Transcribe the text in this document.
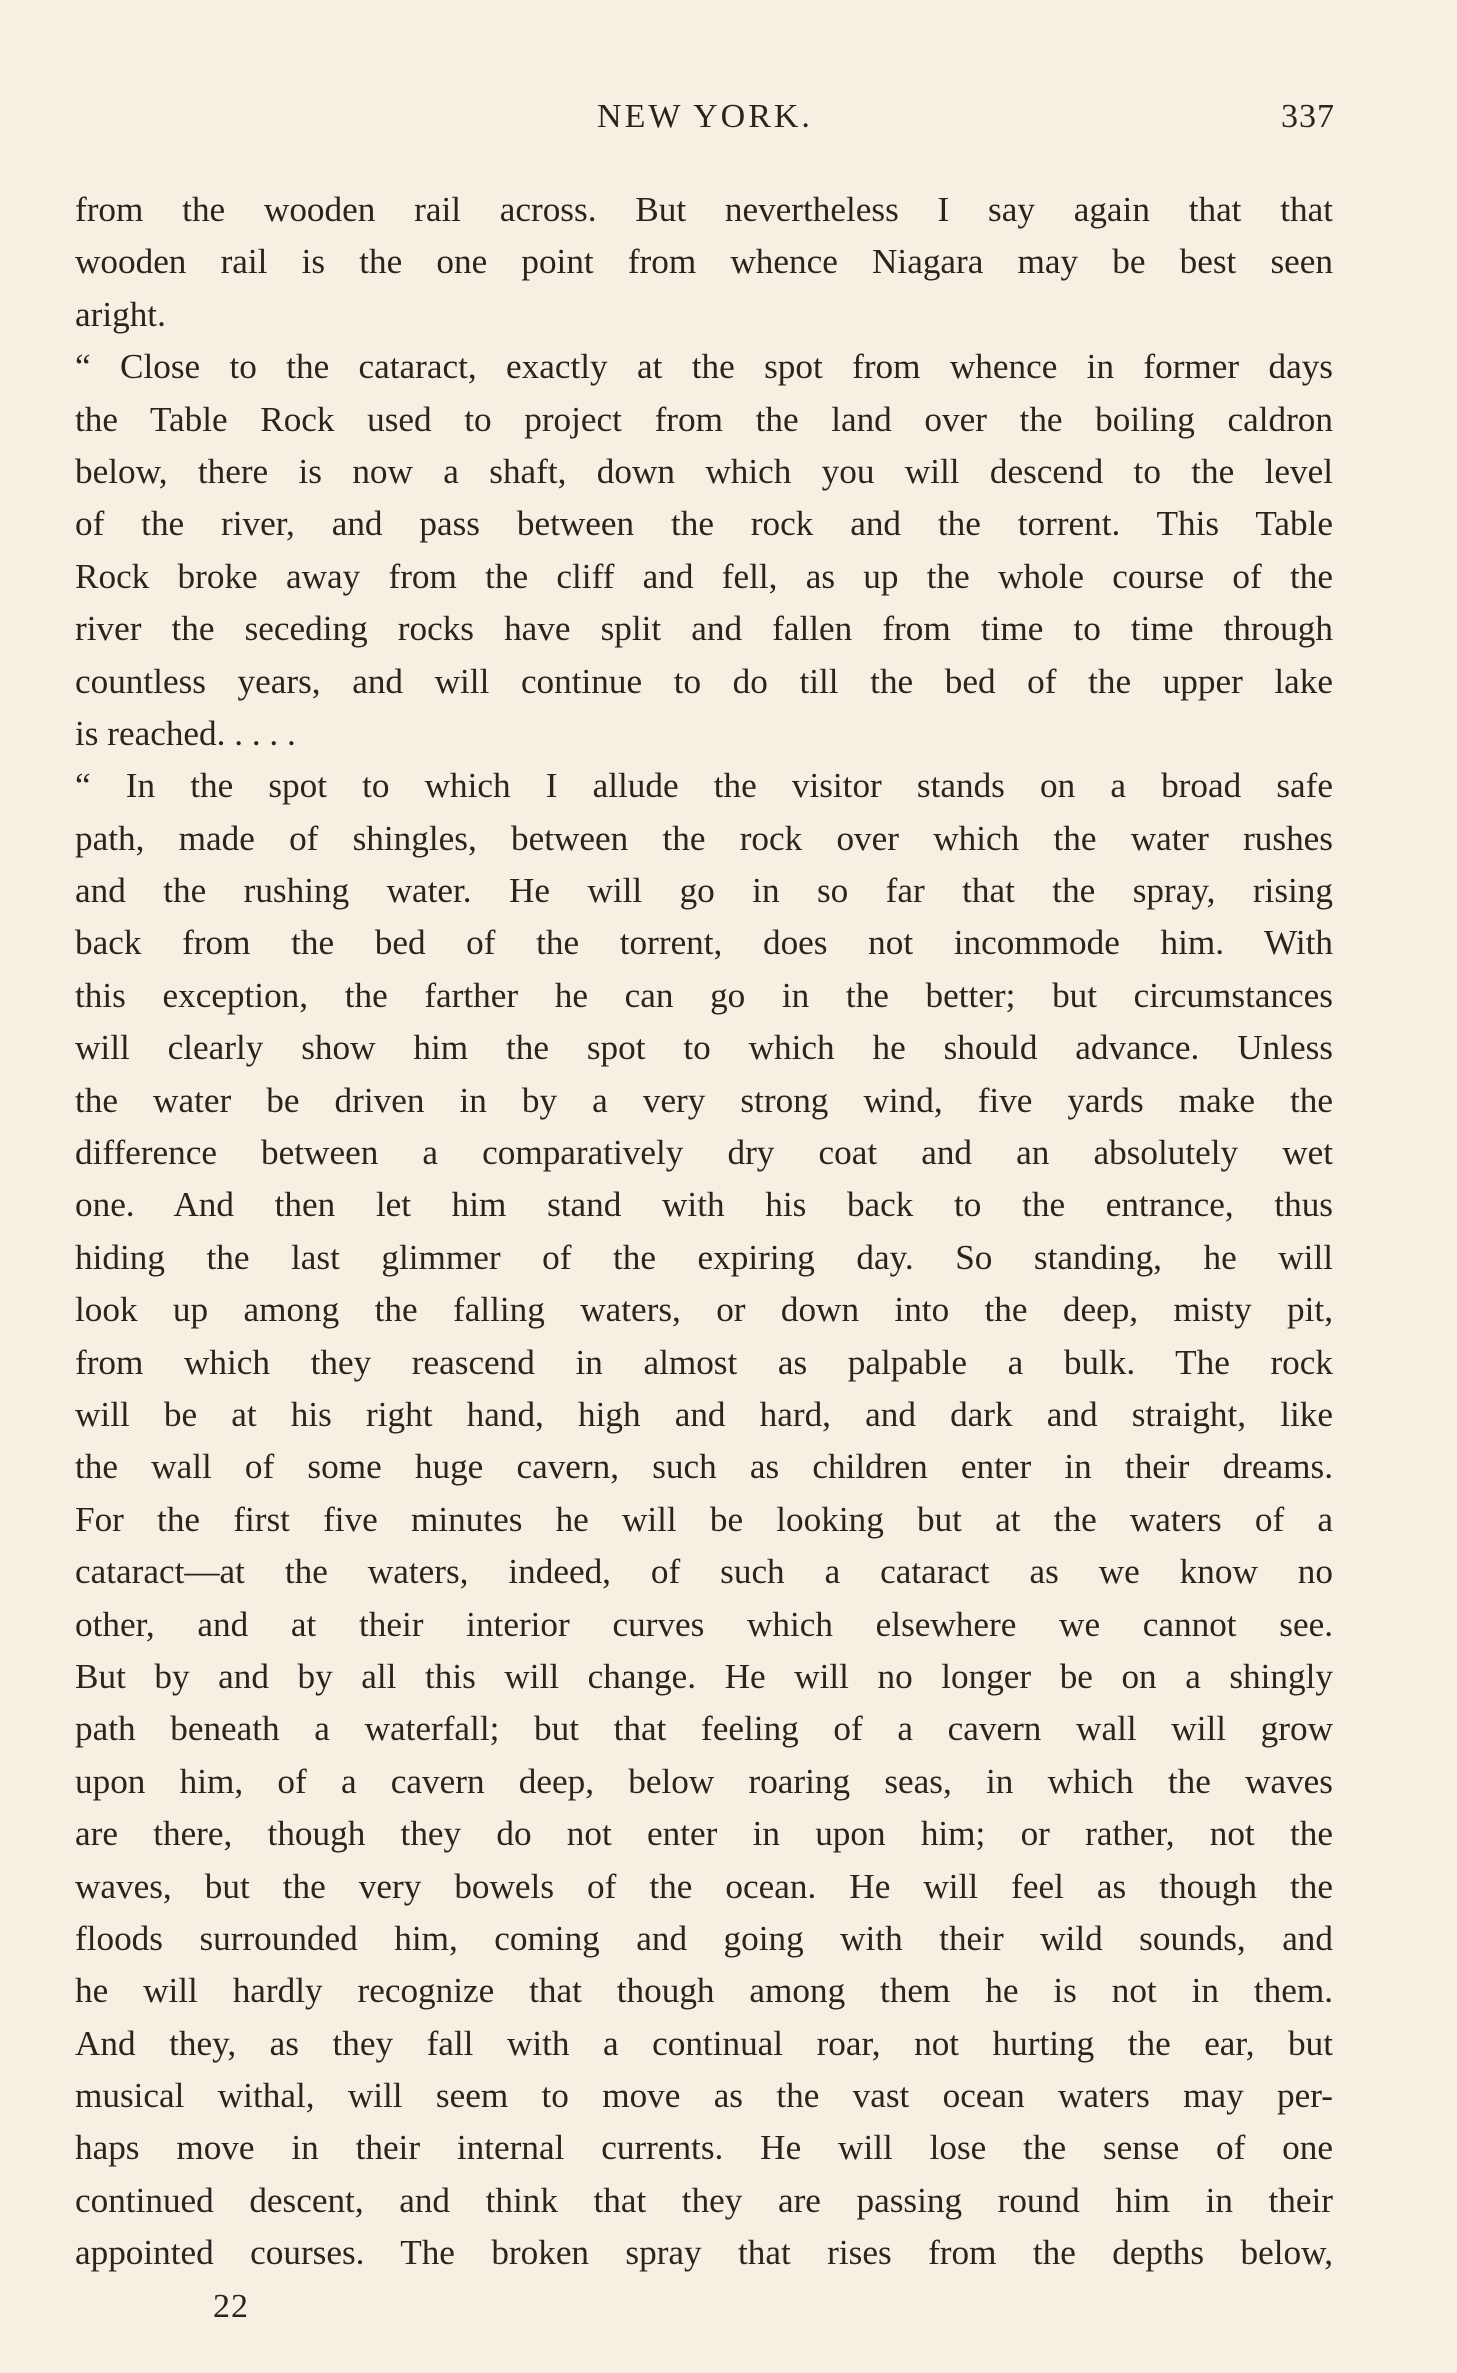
NEW YORK.	337
from the wooden rail across. But nevertheless I say again that that
wooden rail is the one point from whence Niagara may be best seen
aright.
“ Close to the cataract, exactly at the spot from whence in former days
the Table Rock used to project from the land over the boiling caldron
below, there is now a shaft, down which you will descend to the level
of the river, and pass between the rock and the torrent. This Table
Rock broke away from the cliff and fell, as up the whole course of the
river the seceding rocks have split and fallen from time to time through
countless years, and will continue to do till the bed of the upper lake
is reached. . . . .
“ In the spot to which I allude the visitor stands on a broad safe
path, made of shingles, between the rock over which the water rushes
and the rushing water. He will go in so far that the spray, rising
back from the bed of the torrent, does not incommode him. With
this exception, the farther he can go in the better; but circumstances
will clearly show him the spot to which he should advance. Unless
the water be driven in by a very strong wind, five yards make the
difference between a comparatively dry coat and an absolutely wet
one. And then let him stand with his back to the entrance, thus
hiding the last glimmer of the expiring day. So standing, he will
look up among the falling waters, or down into the deep, misty pit,
from which they reascend in almost as palpable a bulk. The rock
will be at his right hand, high and hard, and dark and straight, like
the wall of some huge cavern, such as children enter in their dreams.
For the first five minutes he will be looking but at the waters of a
cataract—at the waters, indeed, of such a cataract as we know no
other, and at their interior curves which elsewhere we cannot see.
But by and by all this will change. He will no longer be on a shingly
path beneath a waterfall; but that feeling of a cavern wall will grow
upon him, of a cavern deep, below roaring seas, in which the waves
are there, though they do not enter in upon him; or rather, not the
waves, but the very bowels of the ocean. He will feel as though the
floods surrounded him, coming and going with their wild sounds, and
he will hardly recognize that though among them he is not in them.
And they, as they fall with a continual roar, not hurting the ear, but
musical withal, will seem to move as the vast ocean waters may per-
haps move in their internal currents. He will lose the sense of one
continued descent, and think that they are passing round him in their
appointed courses. The broken spray that rises from the depths below,
22
